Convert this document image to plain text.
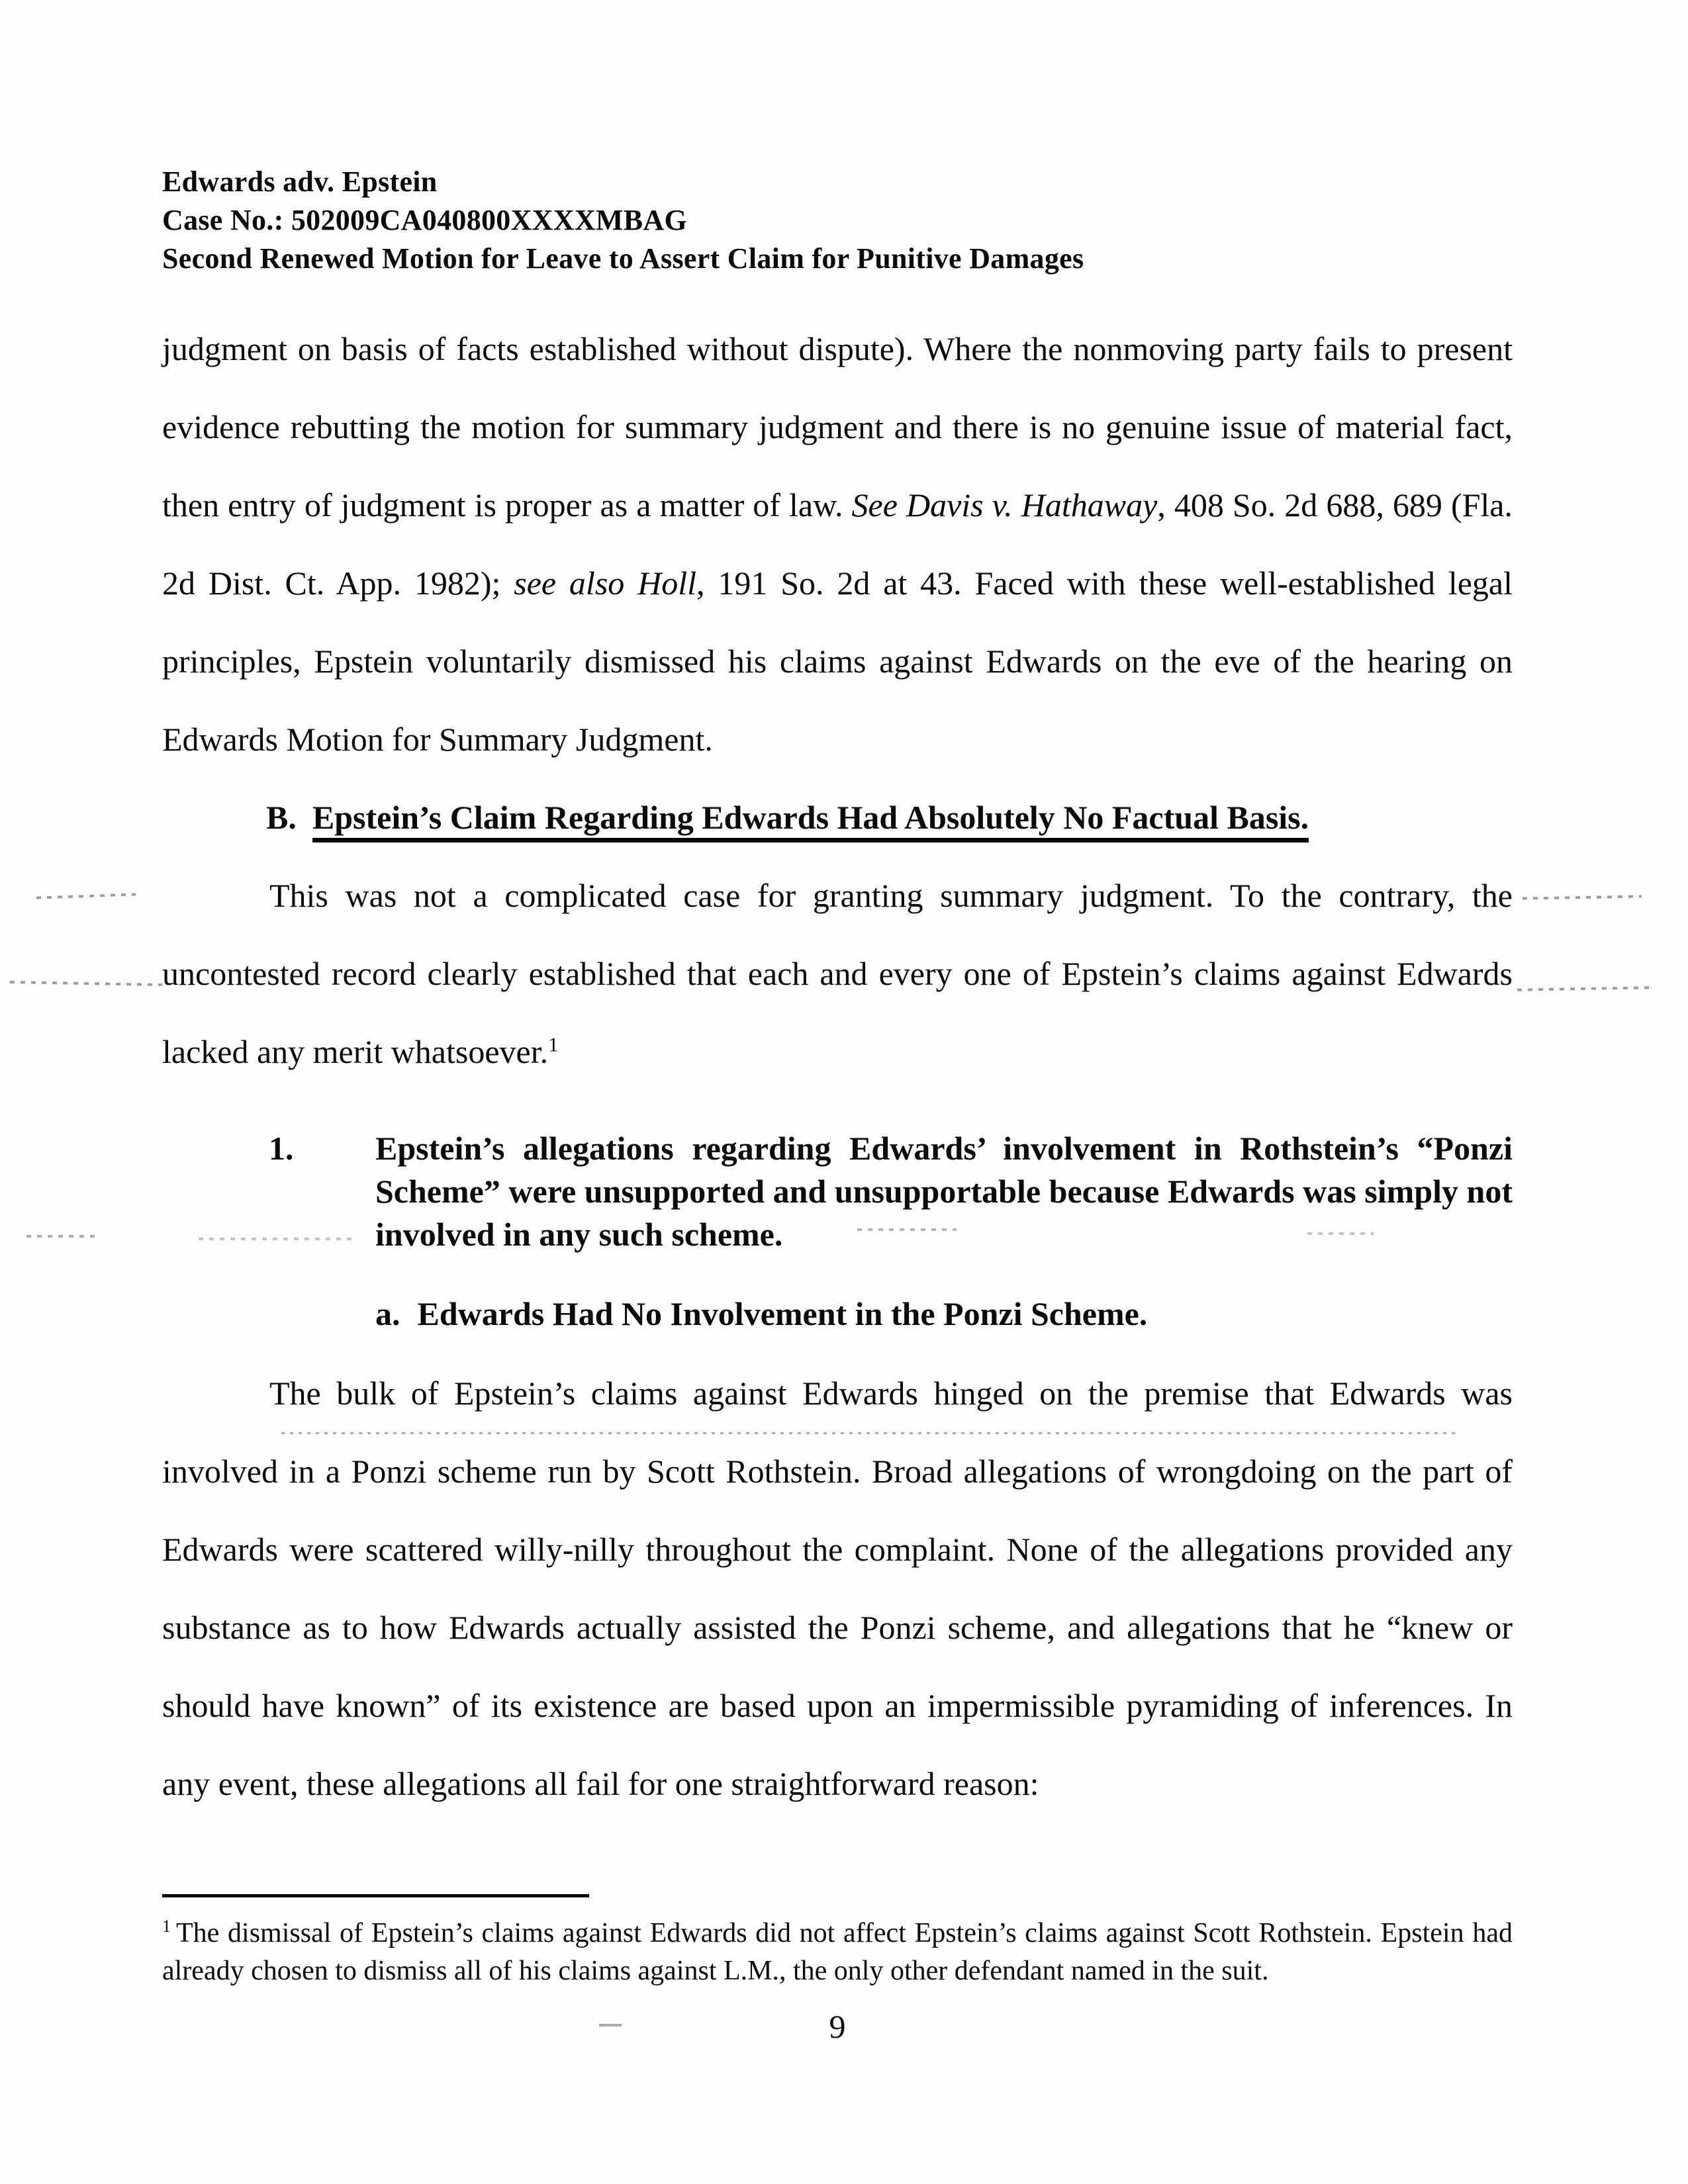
Edwards adv. Epstein
Case No.: 502009CA040800XXXXMBAG
Second Renewed Motion for Leave to Assert Claim for Punitive Damages

judgment on basis of facts established without dispute). Where the nonmoving party fails to present evidence rebutting the motion for summary judgment and there is no genuine issue of material fact, then entry of judgment is proper as a matter of law. See Davis v. Hathaway, 408 So. 2d 688, 689 (Fla. 2d Dist. Ct. App. 1982); see also Holl, 191 So. 2d at 43. Faced with these well-established legal principles, Epstein voluntarily dismissed his claims against Edwards on the eve of the hearing on Edwards Motion for Summary Judgment.

B. Epstein’s Claim Regarding Edwards Had Absolutely No Factual Basis.

This was not a complicated case for granting summary judgment. To the contrary, the uncontested record clearly established that each and every one of Epstein’s claims against Edwards lacked any merit whatsoever.$^1$

1.	Epstein’s allegations regarding Edwards’ involvement in Rothstein’s “Ponzi Scheme” were unsupported and unsupportable because Edwards was simply not involved in any such scheme.
a. Edwards Had No Involvement in the Ponzi Scheme.

The bulk of Epstein’s claims against Edwards hinged on the premise that Edwards was involved in a Ponzi scheme run by Scott Rothstein. Broad allegations of wrongdoing on the part of Edwards were scattered willy-nilly throughout the complaint. None of the allegations provided any substance as to how Edwards actually assisted the Ponzi scheme, and allegations that he “knew or should have known” of its existence are based upon an impermissible pyramiding of inferences. In any event, these allegations all fail for one straightforward reason:

$^1$ The dismissal of Epstein’s claims against Edwards did not affect Epstein’s claims against Scott Rothstein. Epstein had already chosen to dismiss all of his claims against L.M., the only other defendant named in the suit.

9
